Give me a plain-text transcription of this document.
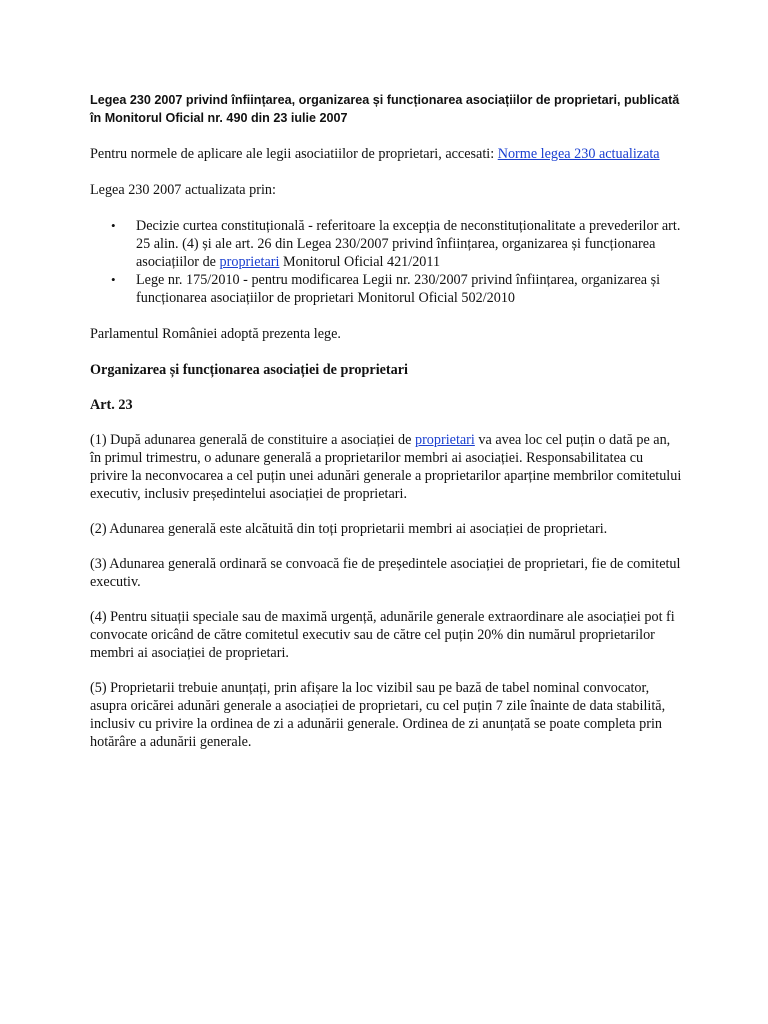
Legea 230 2007 privind înființarea, organizarea și funcționarea asociațiilor de proprietari, publicată în Monitorul Oficial nr. 490 din 23 iulie 2007

Pentru normele de aplicare ale legii asociatiilor de proprietari, accesati: Norme legea 230 actualizata

Legea 230 2007 actualizata prin:

• Decizie curtea constituțională - referitoare la excepția de neconstituționalitate a prevederilor art. 25 alin. (4) și ale art. 26 din Legea 230/2007 privind înființarea, organizarea și funcționarea asociațiilor de proprietari Monitorul Oficial 421/2011
• Lege nr. 175/2010 - pentru modificarea Legii nr. 230/2007 privind înființarea, organizarea și funcționarea asociațiilor de proprietari Monitorul Oficial 502/2010

Parlamentul României adoptă prezenta lege.

Organizarea și funcționarea asociației de proprietari

Art. 23

(1) După adunarea generală de constituire a asociației de proprietari va avea loc cel puțin o dată pe an, în primul trimestru, o adunare generală a proprietarilor membri ai asociației. Responsabilitatea cu privire la neconvocarea a cel puțin unei adunări generale a proprietarilor aparține membrilor comitetului executiv, inclusiv președintelui asociației de proprietari.

(2) Adunarea generală este alcătuită din toți proprietarii membri ai asociației de proprietari.

(3) Adunarea generală ordinară se convoacă fie de președintele asociației de proprietari, fie de comitetul executiv.

(4) Pentru situații speciale sau de maximă urgență, adunările generale extraordinare ale asociației pot fi convocate oricând de către comitetul executiv sau de către cel puțin 20% din numărul proprietarilor membri ai asociației de proprietari.

(5) Proprietarii trebuie anunțați, prin afișare la loc vizibil sau pe bază de tabel nominal convocator, asupra oricărei adunări generale a asociației de proprietari, cu cel puțin 7 zile înainte de data stabilită, inclusiv cu privire la ordinea de zi a adunării generale. Ordinea de zi anunțată se poate completa prin hotărâre a adunării generale.
